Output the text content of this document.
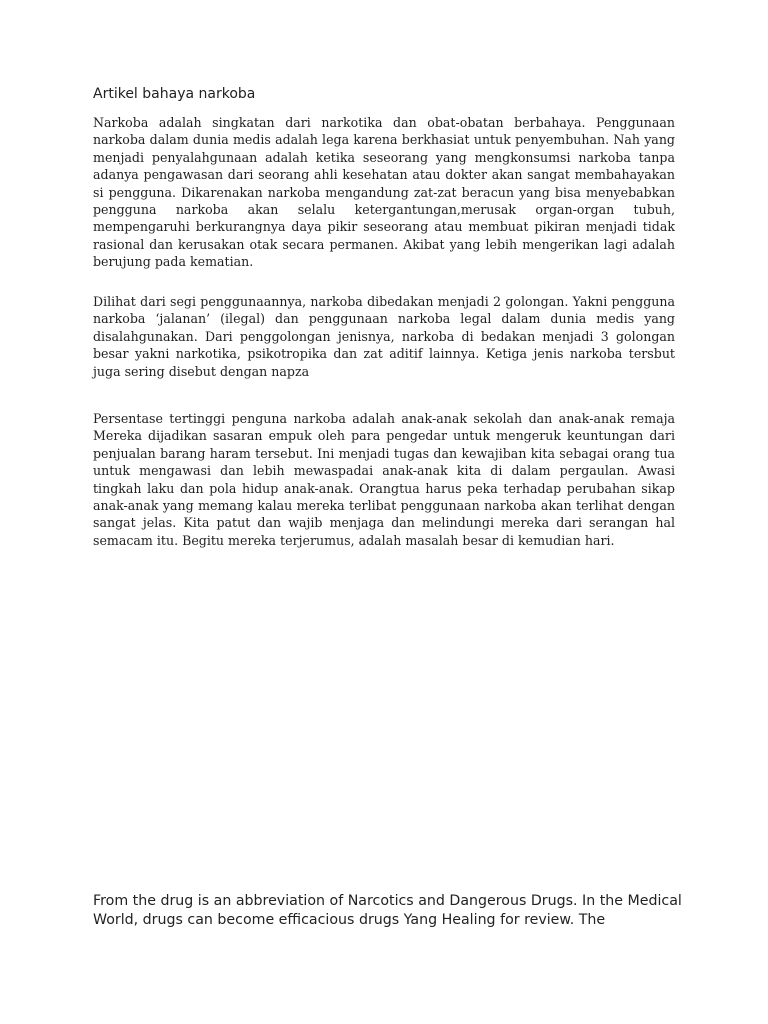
Artikel bahaya narkoba

Narkoba adalah singkatan dari narkotika dan obat-obatan berbahaya. Penggunaan narkoba dalam dunia medis adalah lega karena berkhasiat untuk penyembuhan. Nah yang menjadi penyalahgunaan adalah ketika seseorang yang mengkonsumsi narkoba tanpa adanya pengawasan dari seorang ahli kesehatan atau dokter akan sangat membahayakan si pengguna. Dikarenakan narkoba mengandung zat-zat beracun yang bisa menyebabkan pengguna narkoba akan selalu ketergantungan,merusak organ-organ tubuh, mempengaruhi berkurangnya daya pikir seseorang atau membuat pikiran menjadi tidak rasional dan kerusakan otak secara permanen. Akibat yang lebih mengerikan lagi adalah berujung pada kematian.

Dilihat dari segi penggunaannya, narkoba dibedakan menjadi 2 golongan. Yakni pengguna narkoba ‘jalanan’ (ilegal) dan penggunaan narkoba legal dalam dunia medis yang disalahgunakan. Dari penggolongan jenisnya, narkoba di bedakan menjadi 3 golongan besar yakni narkotika, psikotropika dan zat aditif lainnya. Ketiga jenis narkoba tersbut juga sering disebut dengan napza

Persentase tertinggi penguna narkoba adalah anak-anak sekolah dan anak-anak remaja Mereka dijadikan sasaran empuk oleh para pengedar untuk mengeruk keuntungan dari penjualan barang haram tersebut. Ini menjadi tugas dan kewajiban kita sebagai orang tua untuk mengawasi dan lebih mewaspadai anak-anak kita di dalam pergaulan. Awasi tingkah laku dan pola hidup anak-anak. Orangtua harus peka terhadap perubahan sikap anak-anak yang memang kalau mereka terlibat penggunaan narkoba akan terlihat dengan sangat jelas. Kita patut dan wajib menjaga dan melindungi mereka dari serangan hal semacam itu. Begitu mereka terjerumus, adalah masalah besar di kemudian hari.

From the drug is an abbreviation of Narcotics and Dangerous Drugs. In the Medical World, drugs can become efficacious drugs Yang Healing for review. The
